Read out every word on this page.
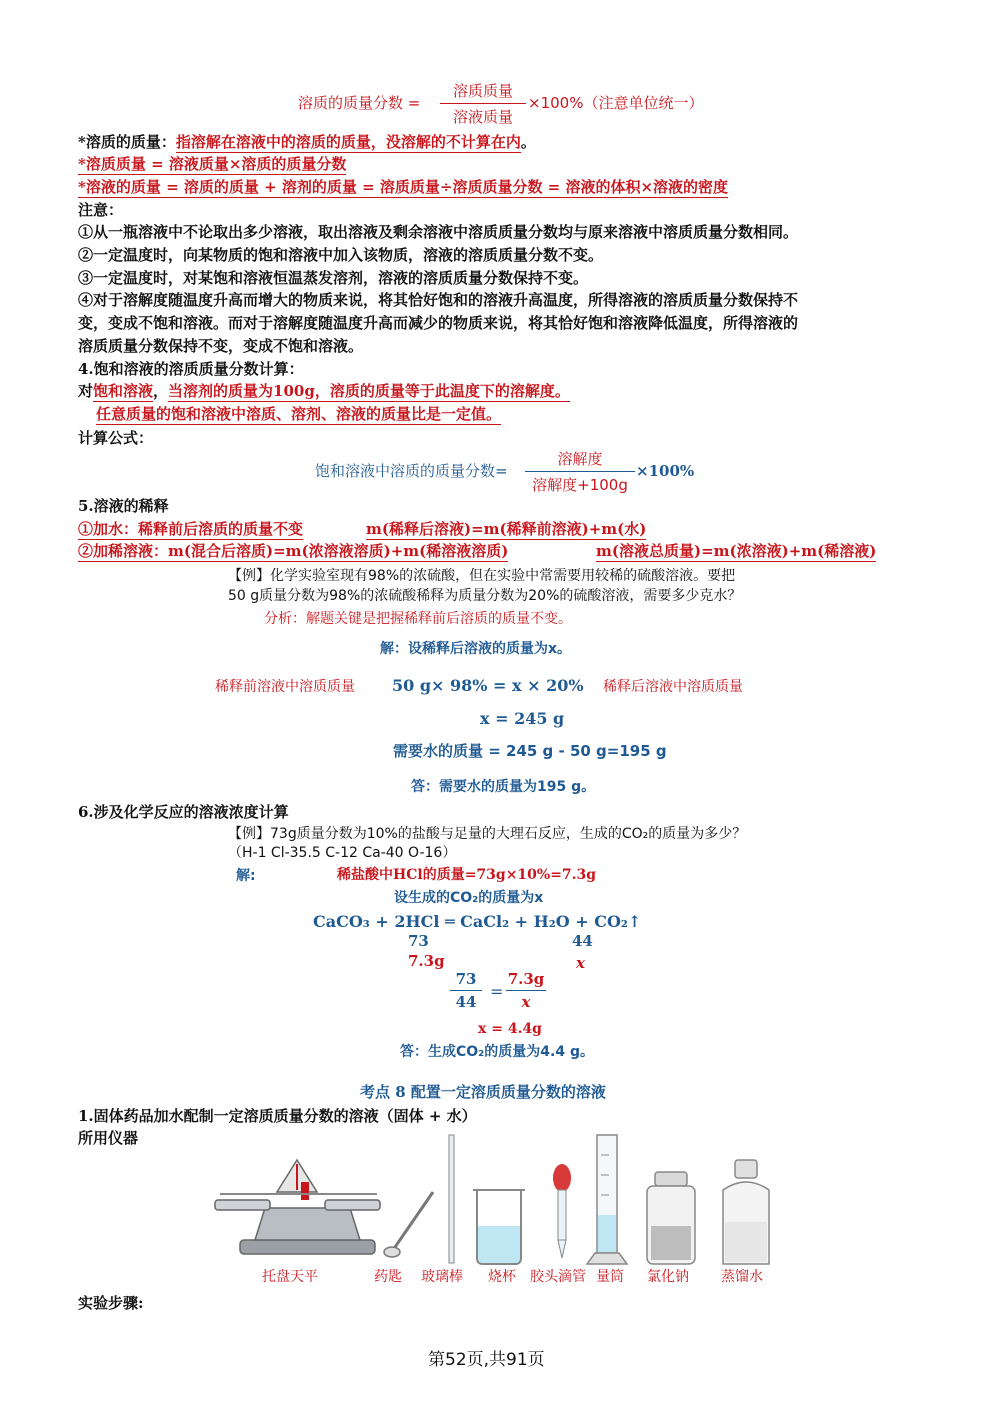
溶质的质量分数 =
溶质质量
溶液质量
×100%（注意单位统一）
*溶质的质量：指溶解在溶液中的溶质的质量，没溶解的不计算在内。
*溶质质量 = 溶液质量×溶质的质量分数
*溶液的质量 = 溶质的质量 + 溶剂的质量 = 溶质质量÷溶质质量分数 = 溶液的体积×溶液的密度
注意：
①从一瓶溶液中不论取出多少溶液，取出溶液及剩余溶液中溶质质量分数均与原来溶液中溶质质量分数相同。
②一定温度时，向某物质的饱和溶液中加入该物质，溶液的溶质质量分数不变。
③一定温度时，对某饱和溶液恒温蒸发溶剂，溶液的溶质质量分数保持不变。
④对于溶解度随温度升高而增大的物质来说，将其恰好饱和的溶液升高温度，所得溶液的溶质质量分数保持不
变，变成不饱和溶液。而对于溶解度随温度升高而减少的物质来说，将其恰好饱和溶液降低温度，所得溶液的
溶质质量分数保持不变，变成不饱和溶液。
4.饱和溶液的溶质质量分数计算：
对饱和溶液，当溶剂的质量为100g，溶质的质量等于此温度下的溶解度。
任意质量的饱和溶液中溶质、溶剂、溶液的质量比是一定值。
计算公式：
饱和溶液中溶质的质量分数=
溶解度
溶解度+100g
×100%
5.溶液的稀释
①加水：稀释前后溶质的质量不变	m(稀释后溶液)=m(稀释前溶液)+m(水)
②加稀溶液：m(混合后溶质)=m(浓溶液溶质)+m(稀溶液溶质)	m(溶液总质量)=m(浓溶液)+m(稀溶液)
【例】化学实验室现有98%的浓硫酸，但在实验中常需要用较稀的硫酸溶液。要把
50 g质量分数为98%的浓硫酸稀释为质量分数为20%的硫酸溶液，需要多少克水？
分析：解题关键是把握稀释前后溶质的质量不变。
解：设稀释后溶液的质量为x。
稀释前溶液中溶质质量 50 g× 98% = x × 20% 稀释后溶液中溶质质量
x = 245 g
需要水的质量 = 245 g - 50 g=195 g
答：需要水的质量为195 g。
6.涉及化学反应的溶液浓度计算
【例】73g质量分数为10%的盐酸与足量的大理石反应，生成的CO₂的质量为多少？
（H-1 Cl-35.5 C-12 Ca-40 O-16）
解:	稀盐酸中HCl的质量=73g×10%=7.3g
设生成的CO₂的质量为x
CaCO₃ + 2HCl ═ CaCl₂ + H₂O + CO₂↑
73	44
7.3g	x
73
44
=
7.3g
x
x = 4.4g
答：生成CO₂的质量为4.4 g。
考点 8 配置一定溶质质量分数的溶液
1.固体药品加水配制一定溶质质量分数的溶液（固体 + 水）
所用仪器
托盘天平	药匙 玻璃棒 烧杯 胶头滴管 量筒 氯化钠 蒸馏水
实验步骤:
第52页,共91页
